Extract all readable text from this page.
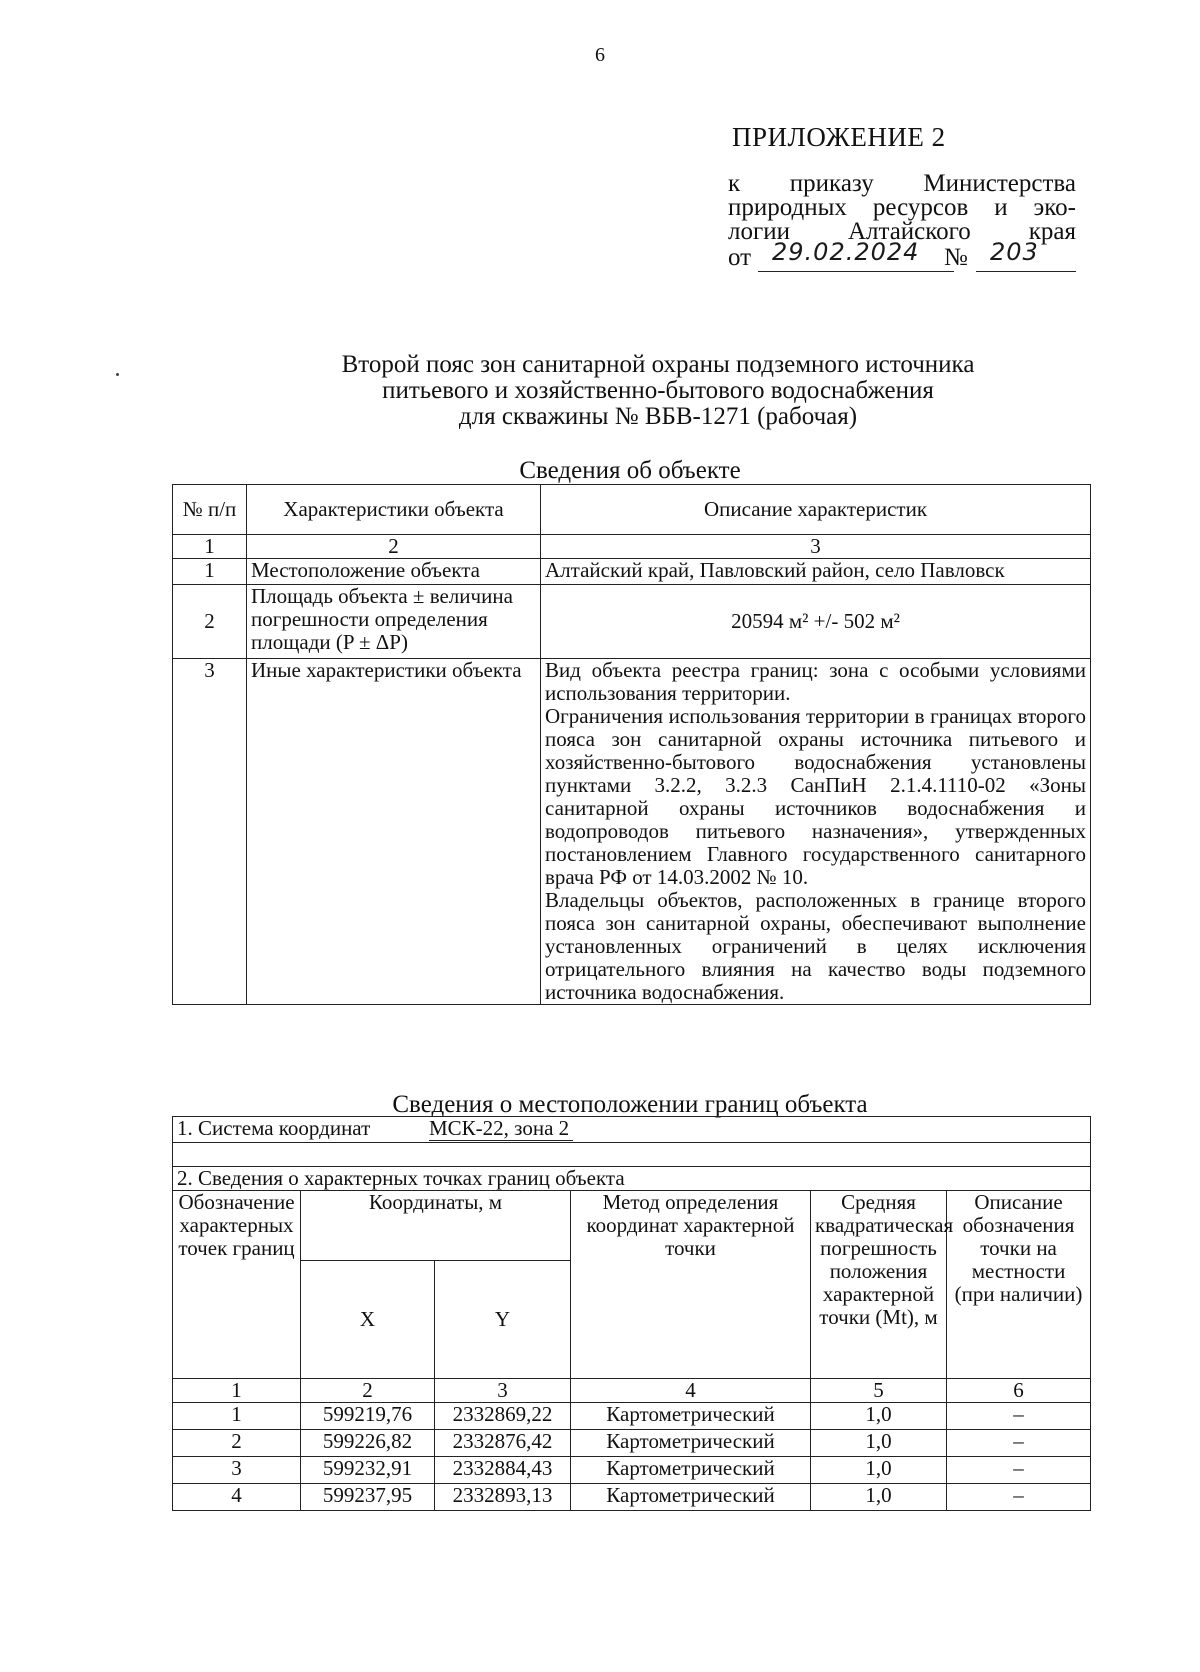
6
ПРИЛОЖЕНИЕ 2
к приказу Министерства
природных ресурсов и эко-
логии Алтайского края
от 29.02.2024 № 203
Второй пояс зон санитарной охраны подземного источника
питьевого и хозяйственно-бытового водоснабжения
для скважины № ВБВ-1271 (рабочая)
Сведения об объекте
№ п/п	Характеристики объекта	Описание характеристик
1	2	3
1	Местоположение объекта	Алтайский край, Павловский район, село Павловск
2	Площадь объекта ± величина погрешности определения площади (P ± ΔP)	20594 м² +/- 502 м²
3	Иные характеристики объекта	Вид объекта реестра границ: зона с особыми условиями использования территории.
Ограничения использования территории в границах второго пояса зон санитарной охраны источника питьевого и хозяйственно-бытового водоснабжения установлены пунктами 3.2.2, 3.2.3 СанПиН 2.1.4.1110-02 «Зоны санитарной охраны источников водоснабжения и водопроводов питьевого назначения», утвержденных постановлением Главного государственного санитарного врача РФ от 14.03.2002 № 10.
Владельцы объектов, расположенных в границе второго пояса зон санитарной охраны, обеспечивают выполнение установленных ограничений в целях исключения отрицательного влияния на качество воды подземного источника водоснабжения.
Сведения о местоположении границ объекта
1. Система координат МСК-22, зона 2					

2. Сведения о характерных точках границ объекта					
Обозначение характерных точек границ	Координаты, м		Метод определения координат характерной точки	Средняя квадратическая погрешность положения характерной точки (Mt), м	Описание обозначения точки на местности (при наличии)
	X	Y			
1	2	3	4	5	6
1	599219,76	2332869,22	Картометрический	1,0	–
2	599226,82	2332876,42	Картометрический	1,0	–
3	599232,91	2332884,43	Картометрический	1,0	–
4	599237,95	2332893,13	Картометрический	1,0	–
